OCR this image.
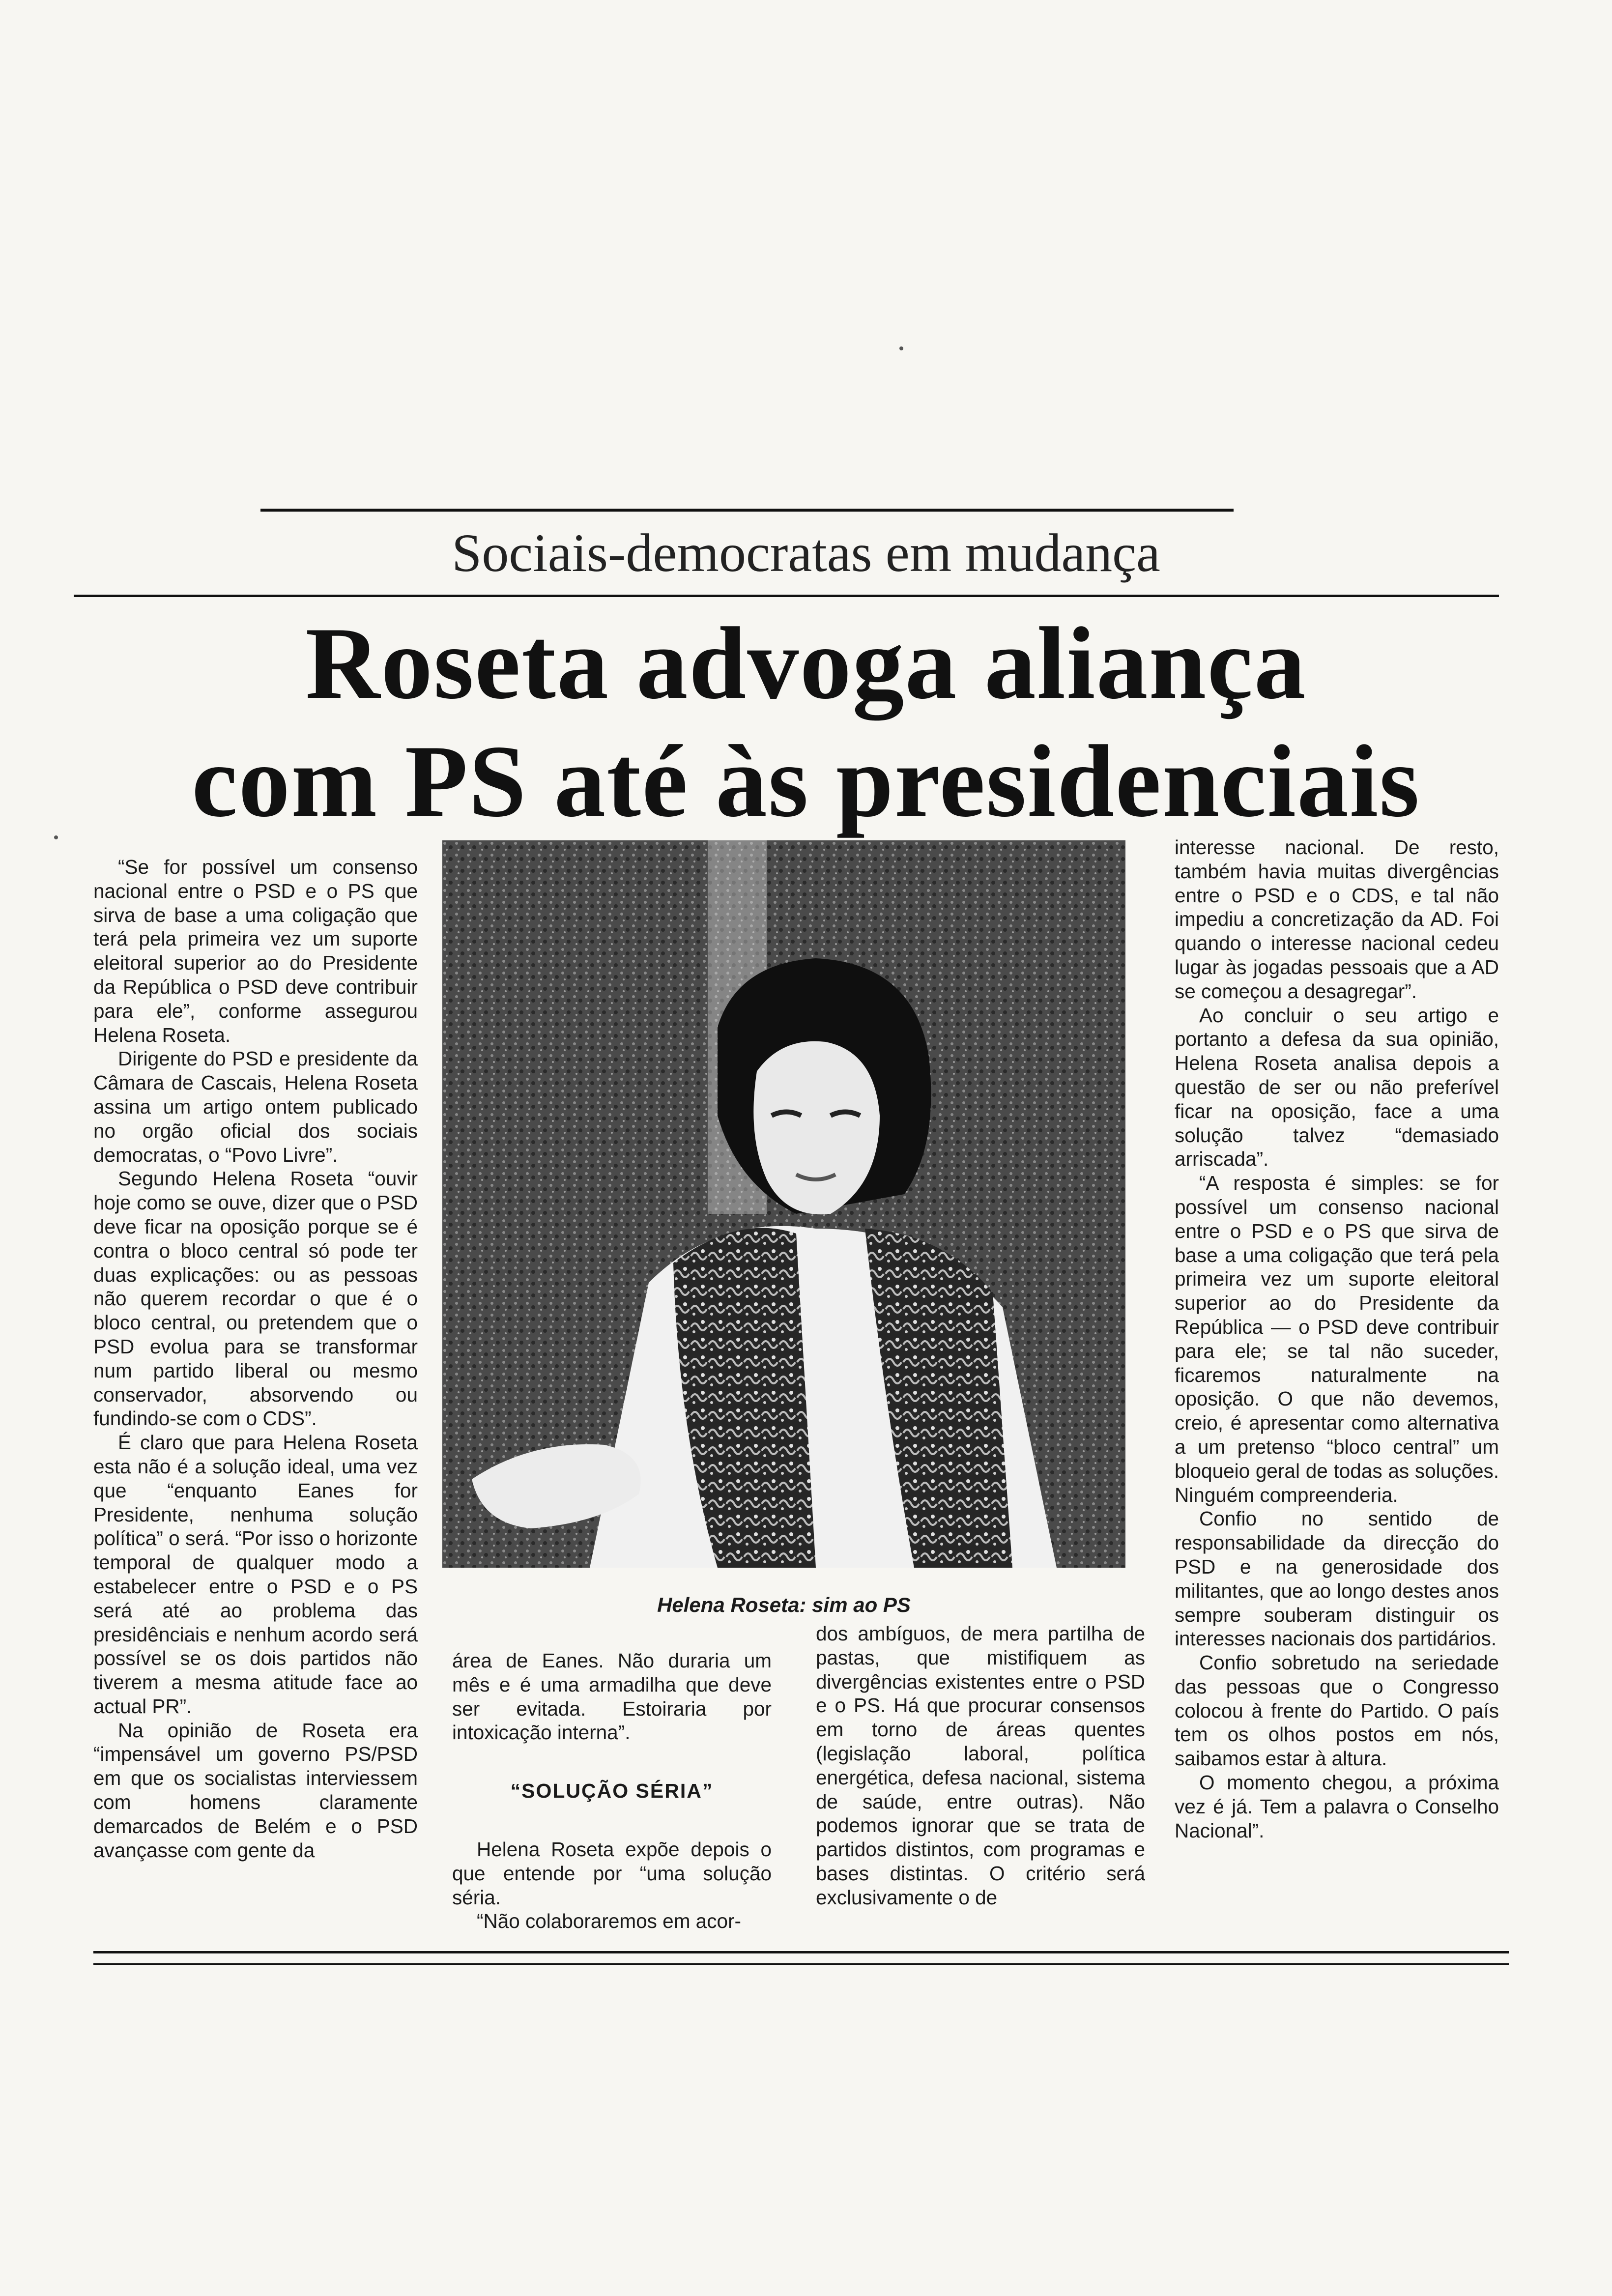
Sociais-democratas em mudança
Roseta advoga aliança
com PS até às presidenciais

“Se for possível um consenso nacional entre o PSD e o PS que sirva de base a uma coligação que terá pela primeira vez um suporte eleitoral superior ao do Presidente da República o PSD deve contribuir para ele”, conforme assegurou Helena Roseta.

Dirigente do PSD e presidente da Câmara de Cascais, Helena Roseta assina um artigo ontem publicado no orgão oficial dos sociais democratas, o “Povo Livre”.

Segundo Helena Roseta “ouvir hoje como se ouve, dizer que o PSD deve ficar na oposição porque se é contra o bloco central só pode ter duas explicações: ou as pessoas não querem recordar o que é o bloco central, ou pretendem que o PSD evolua para se transformar num partido liberal ou mesmo conservador, absorvendo ou fundindo-se com o CDS”.

É claro que para Helena Roseta esta não é a solução ideal, uma vez que “enquanto Eanes for Presidente, nenhuma solução política” o será. “Por isso o horizonte temporal de qualquer modo a estabelecer entre o PSD e o PS será até ao problema das presidênciais e nenhum acordo será possível se os dois partidos não tiverem a mesma atitude face ao actual PR”.

Na opinião de Roseta era “impensável um governo PS/PSD em que os socialistas interviessem com homens claramente demarcados de Belém e o PSD avançasse com gente da

Helena Roseta: sim ao PS

área de Eanes. Não duraria um mês e é uma armadilha que deve ser evitada. Estoiraria por intoxicação interna”.

“SOLUÇÃO SÉRIA”

Helena Roseta expõe depois o que entende por “uma solução séria.

“Não colaboraremos em acor-

dos ambíguos, de mera partilha de pastas, que mistifiquem as divergências existentes entre o PSD e o PS. Há que procurar consensos em torno de áreas quentes (legislação laboral, política energética, defesa nacional, sistema de saúde, entre outras). Não podemos ignorar que se trata de partidos distintos, com programas e bases distintas. O critério será exclusivamente o de

interesse nacional. De resto, também havia muitas divergências entre o PSD e o CDS, e tal não impediu a concretização da AD. Foi quando o interesse nacional cedeu lugar às jogadas pessoais que a AD se começou a desagregar”.

Ao concluir o seu artigo e portanto a defesa da sua opinião, Helena Roseta analisa depois a questão de ser ou não preferível ficar na oposição, face a uma solução talvez “demasiado arriscada”.

“A resposta é simples: se for possível um consenso nacional entre o PSD e o PS que sirva de base a uma coligação que terá pela primeira vez um suporte eleitoral superior ao do Presidente da República — o PSD deve contribuir para ele; se tal não suceder, ficaremos naturalmente na oposição. O que não devemos, creio, é apresentar como alternativa a um pretenso “bloco central” um bloqueio geral de todas as soluções. Ninguém compreenderia.

Confio no sentido de responsabilidade da direcção do PSD e na generosidade dos militantes, que ao longo destes anos sempre souberam distinguir os interesses nacionais dos partidários.

Confio sobretudo na seriedade das pessoas que o Congresso colocou à frente do Partido. O país tem os olhos postos em nós, saibamos estar à altura.

O momento chegou, a próxima vez é já. Tem a palavra o Conselho Nacional”.
